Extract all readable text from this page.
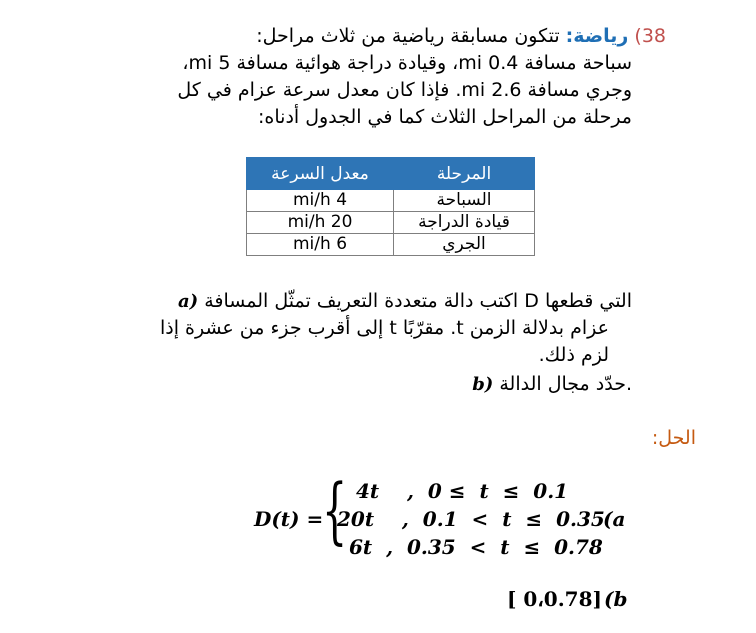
38) رياضة: تتكون مسابقة رياضية من ثلاث مراحل:
سباحة مسافة 0.4 mi، وقيادة دراجة هوائية مسافة 5 mi،
وجري مسافة 2.6 mi. فإذا كان معدل سرعة عزام في كل
مرحلة من المراحل الثلاث كما في الجدول أدناه:
المرحلة	معدل السرعة
السباحة	4 mi/h
قيادة الدراجة	20 mi/h
الجري	6 mi/h
a) اكتب دالة متعددة التعريف تمثّل المسافة D التي قطعها
عزام بدلالة الزمن t. مقرّبًا t إلى أقرب جزء من عشرة إذا
لزم ذلك.
b) حدّد مجال الدالة.
الحل:
D(t) =
{ 4t    ,  0 ≤  t  ≤  0.1
20t    ,  0.1  <  t  ≤  0.35
6t  ,  0.35  <  t  ≤  0.78
(a
[ 0،0.78] (b
